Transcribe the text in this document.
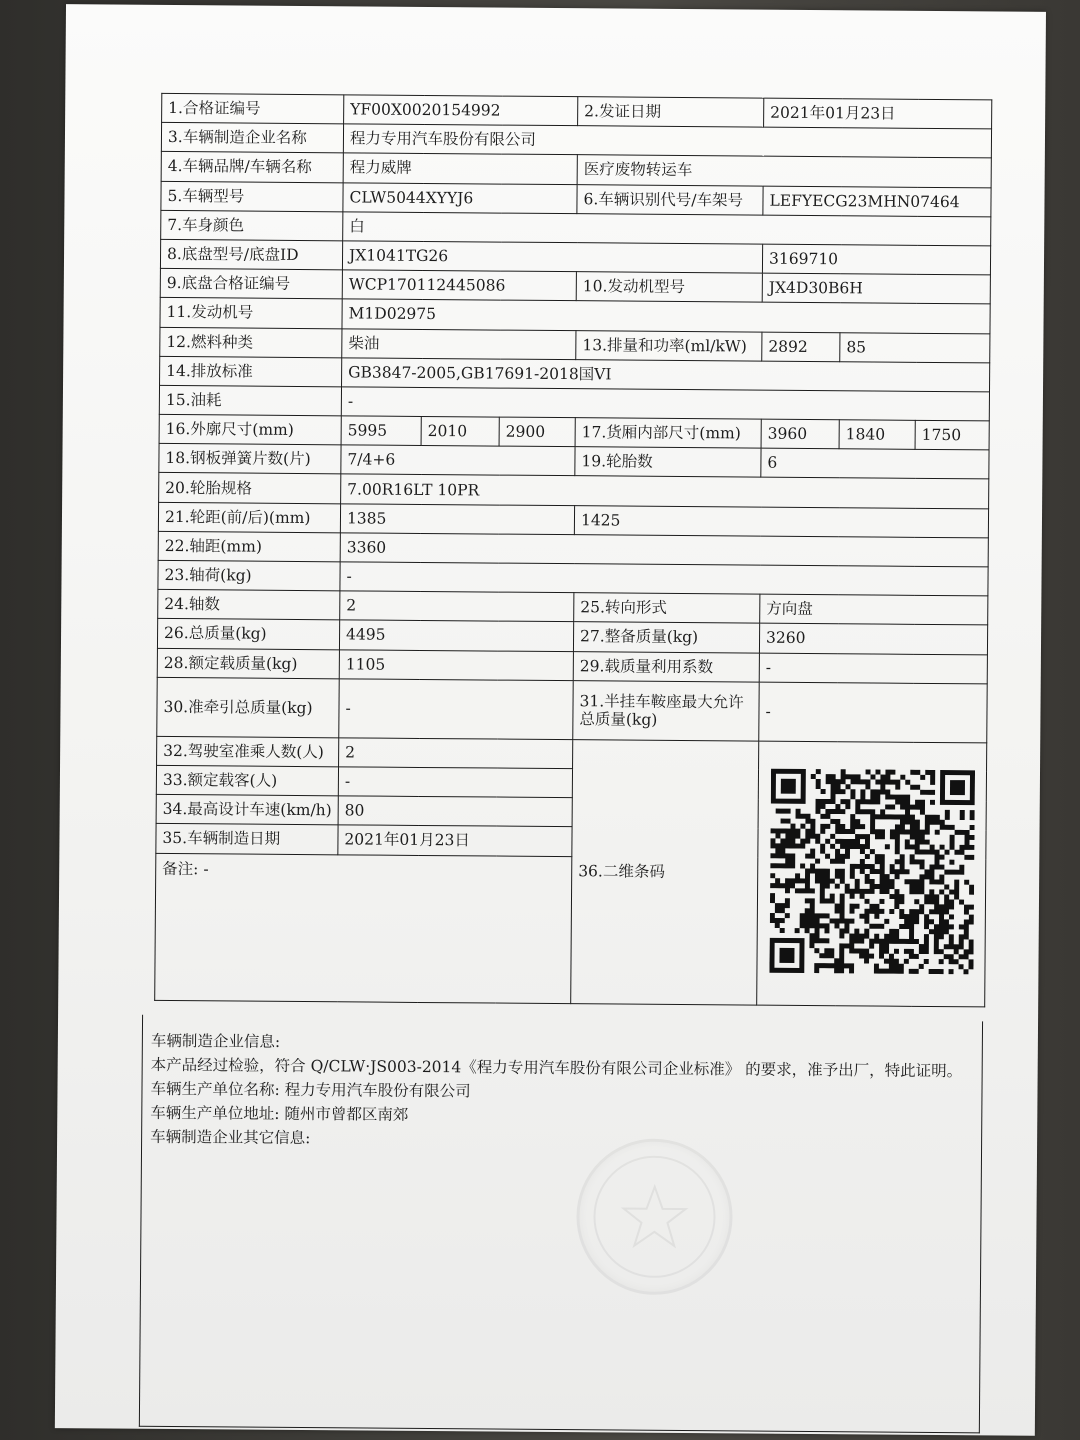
1.合格证编号	YF00X0020154992			2.发证日期	2021年01月23日		
3.车辆制造企业名称	程力专用汽车股份有限公司						
4.车辆品牌/车辆名称	程力威牌			医疗废物转运车			
5.车辆型号	CLW5044XYYJ6			6.车辆识别代号/车架号	LEFYECG23MHN07464		
7.车身颜色	白						
8.底盘型号/底盘ID	JX1041TG26				3169710		
9.底盘合格证编号	WCP170112445086			10.发动机型号	JX4D30B6H		
11.发动机号	M1D02975						
12.燃料种类	柴油			13.排量和功率(ml/kW)	2892	85	
14.排放标准	GB3847-2005,GB17691-2018国VI						
15.油耗	-						
16.外廓尺寸(mm)	5995	2010	2900	17.货厢内部尺寸(mm)	3960	1840	1750
18.钢板弹簧片数(片)	7/4+6			19.轮胎数	6		
20.轮胎规格	7.00R16LT 10PR						
21.轮距(前/后)(mm)	1385			1425			
22.轴距(mm)	3360						
23.轴荷(kg)	-						
24.轴数	2			25.转向形式	方向盘		
26.总质量(kg)	4495			27.整备质量(kg)	3260		
28.额定载质量(kg)	1105			29.载质量利用系数	-		
30.准牵引总质量(kg)	-			31.半挂车鞍座最大允许总质量(kg)	-		
32.驾驶室准乘人数(人)	2			36.二维条码	
33.额定载客(人)	-						
34.最高设计车速(km/h)	80						
35.车辆制造日期	2021年01月23日						
备注: -							

车辆制造企业信息:

本产品经过检验，符合 Q/CLW·JS003-2014《程力专用汽车股份有限公司企业标准》 的要求，准予出厂，特此证明。

车辆生产单位名称: 程力专用汽车股份有限公司

车辆生产单位地址: 随州市曾都区南郊

车辆制造企业其它信息:
